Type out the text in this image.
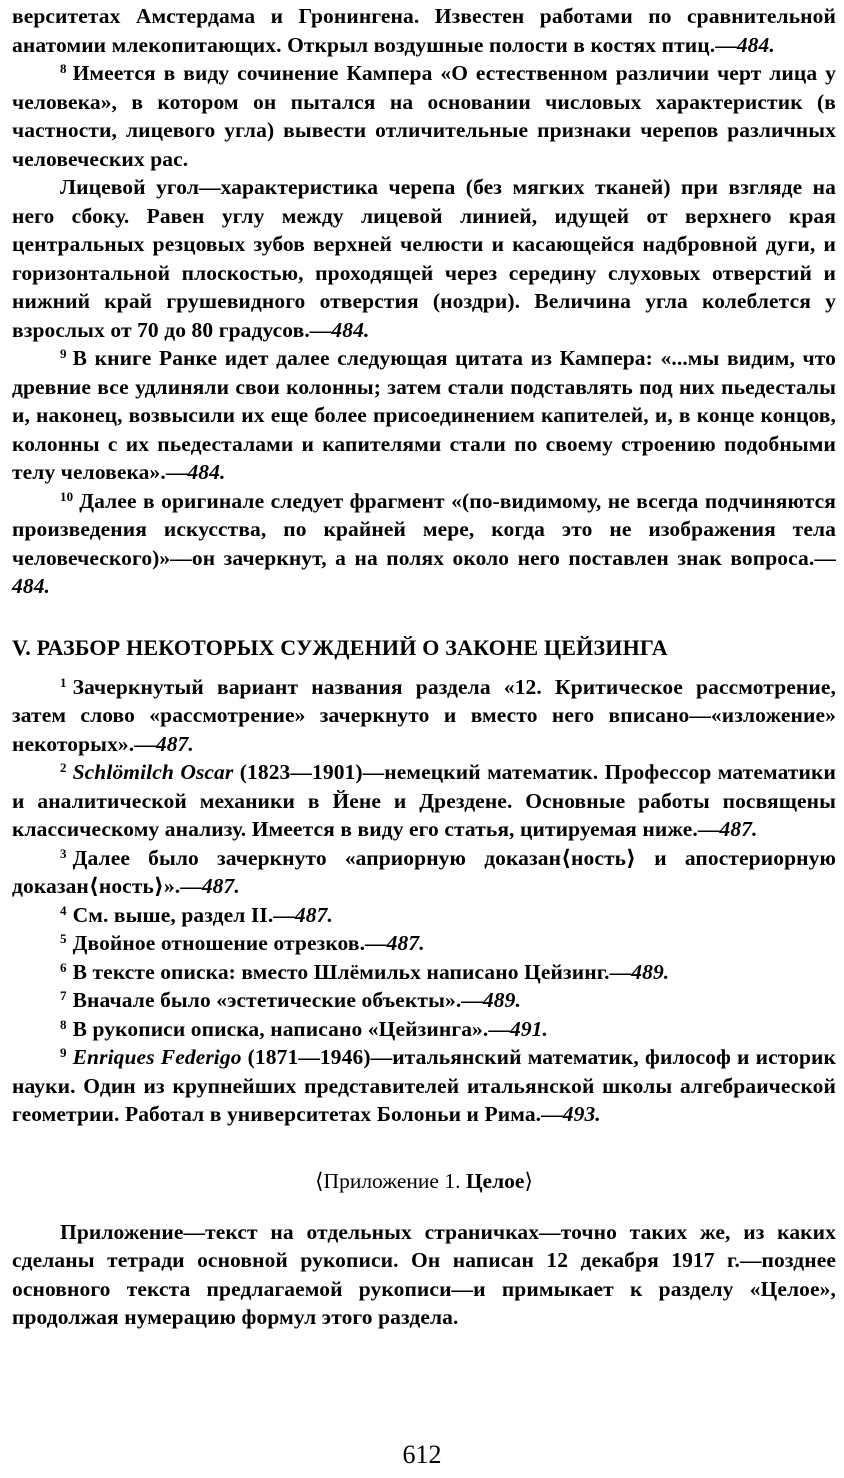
верситетах Амстердама и Гронингена. Известен работами по сравнительной анатомии млекопитающих. Открыл воздушные полости в костях птиц.—484.

$^8$ Имеется в виду сочинение Кампера «О естественном различии черт лица у человека», в котором он пытался на основании числовых характеристик (в частности, лицевого угла) вывести отличительные признаки черепов различных человеческих рас.

Лицевой угол—характеристика черепа (без мягких тканей) при взгляде на него сбоку. Равен углу между лицевой линией, идущей от верхнего края центральных резцовых зубов верхней челюсти и касающейся надбровной дуги, и горизонтальной плоскостью, проходящей через середину слуховых отверстий и нижний край грушевидного отверстия (ноздри). Величина угла колеблется у взрослых от 70 до 80 градусов.—484.

$^9$ В книге Ранке идет далее следующая цитата из Кампера: «...мы видим, что древние все удлиняли свои колонны; затем стали подставлять под них пьедесталы и, наконец, возвысили их еще более присоединением капителей, и, в конце концов, колонны с их пьедесталами и капителями стали по своему строению подобными телу человека».—484.

$^{10}$ Далее в оригинале следует фрагмент «(по-видимому, не всегда подчиняются произведения искусства, по крайней мере, когда это не изображения тела человеческого)»—он зачеркнут, а на полях около него поставлен знак вопроса.—484.

V. РАЗБОР НЕКОТОРЫХ СУЖДЕНИЙ О ЗАКОНЕ ЦЕЙЗИНГА

$^1$ Зачеркнутый вариант названия раздела «12. Критическое рассмотрение, затем слово «рассмотрение» зачеркнуто и вместо него вписано—«изложение» некоторых».—487.

$^2$ Schlömilch Oscar (1823—1901)—немецкий математик. Профессор математики и аналитической механики в Йене и Дрездене. Основные работы посвящены классическому анализу. Имеется в виду его статья, цитируемая ниже.—487.

$^3$ Далее было зачеркнуто «априорную доказан⟨ность⟩ и апостериорную доказан⟨ность⟩».—487.

$^4$ См. выше, раздел II.—487.

$^5$ Двойное отношение отрезков.—487.

$^6$ В тексте описка: вместо Шлёмильх написано Цейзинг.—489.

$^7$ Вначале было «эстетические объекты».—489.

$^8$ В рукописи описка, написано «Цейзинга».—491.

$^9$ Enriques Federigo (1871—1946)—итальянский математик, философ и историк науки. Один из крупнейших представителей итальянской школы алгебраической геометрии. Работал в университетах Болоньи и Рима.—493.

⟨Приложение 1. Целое⟩

Приложение—текст на отдельных страничках—точно таких же, из каких сделаны тетради основной рукописи. Он написан 12 декабря 1917 г.—позднее основного текста предлагаемой рукописи—и примыкает к разделу «Целое», продолжая нумерацию формул этого раздела.

612
